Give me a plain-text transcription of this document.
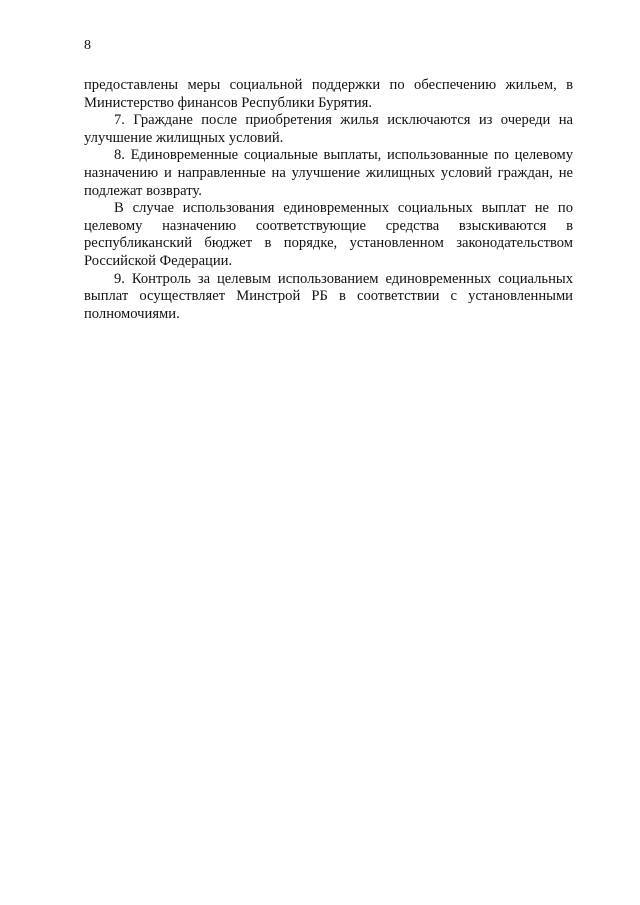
8

предоставлены меры социальной поддержки по обеспечению жильем, в Министерство финансов Республики Бурятия.

7. Граждане после приобретения жилья исключаются из очереди на улучшение жилищных условий.

8. Единовременные социальные выплаты, использованные по целевому назначению и направленные на улучшение жилищных условий граждан, не подлежат возврату.

В случае использования единовременных социальных выплат не по целевому назначению соответствующие средства взыскиваются в республиканский бюджет в порядке, установленном законодательством Российской Федерации.

9. Контроль за целевым использованием единовременных социальных выплат осуществляет Минстрой РБ в соответствии с установленными полномочиями.
